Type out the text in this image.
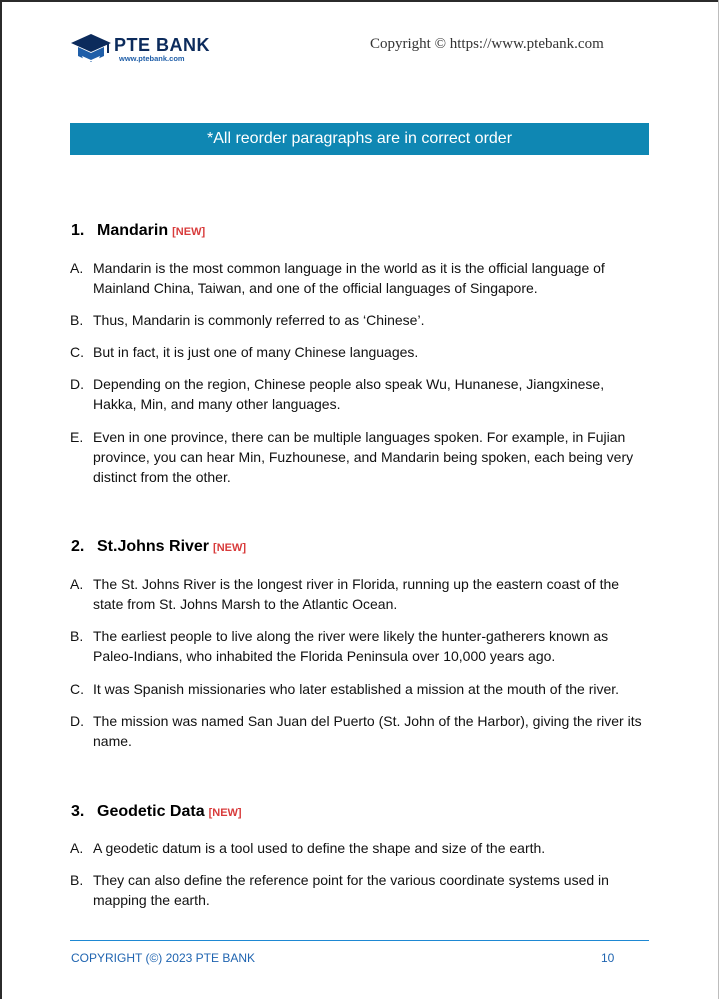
PTE BANK
www.ptebank.com
Copyright © https://www.ptebank.com
*All reorder paragraphs are in correct order
1. Mandarin [NEW]
A. Mandarin is the most common language in the world as it is the official language of Mainland China, Taiwan, and one of the official languages of Singapore.
B. Thus, Mandarin is commonly referred to as ‘Chinese’.
C. But in fact, it is just one of many Chinese languages.
D. Depending on the region, Chinese people also speak Wu, Hunanese, Jiangxinese, Hakka, Min, and many other languages.
E. Even in one province, there can be multiple languages spoken. For example, in Fujian province, you can hear Min, Fuzhounese, and Mandarin being spoken, each being very distinct from the other.
2. St.Johns River [NEW]
A. The St. Johns River is the longest river in Florida, running up the eastern coast of the state from St. Johns Marsh to the Atlantic Ocean.
B. The earliest people to live along the river were likely the hunter-gatherers known as Paleo-Indians, who inhabited the Florida Peninsula over 10,000 years ago.
C. It was Spanish missionaries who later established a mission at the mouth of the river.
D. The mission was named San Juan del Puerto (St. John of the Harbor), giving the river its name.
3. Geodetic Data [NEW]
A. A geodetic datum is a tool used to define the shape and size of the earth.
B. They can also define the reference point for the various coordinate systems used in mapping the earth.
COPYRIGHT (©) 2023 PTE BANK	10
